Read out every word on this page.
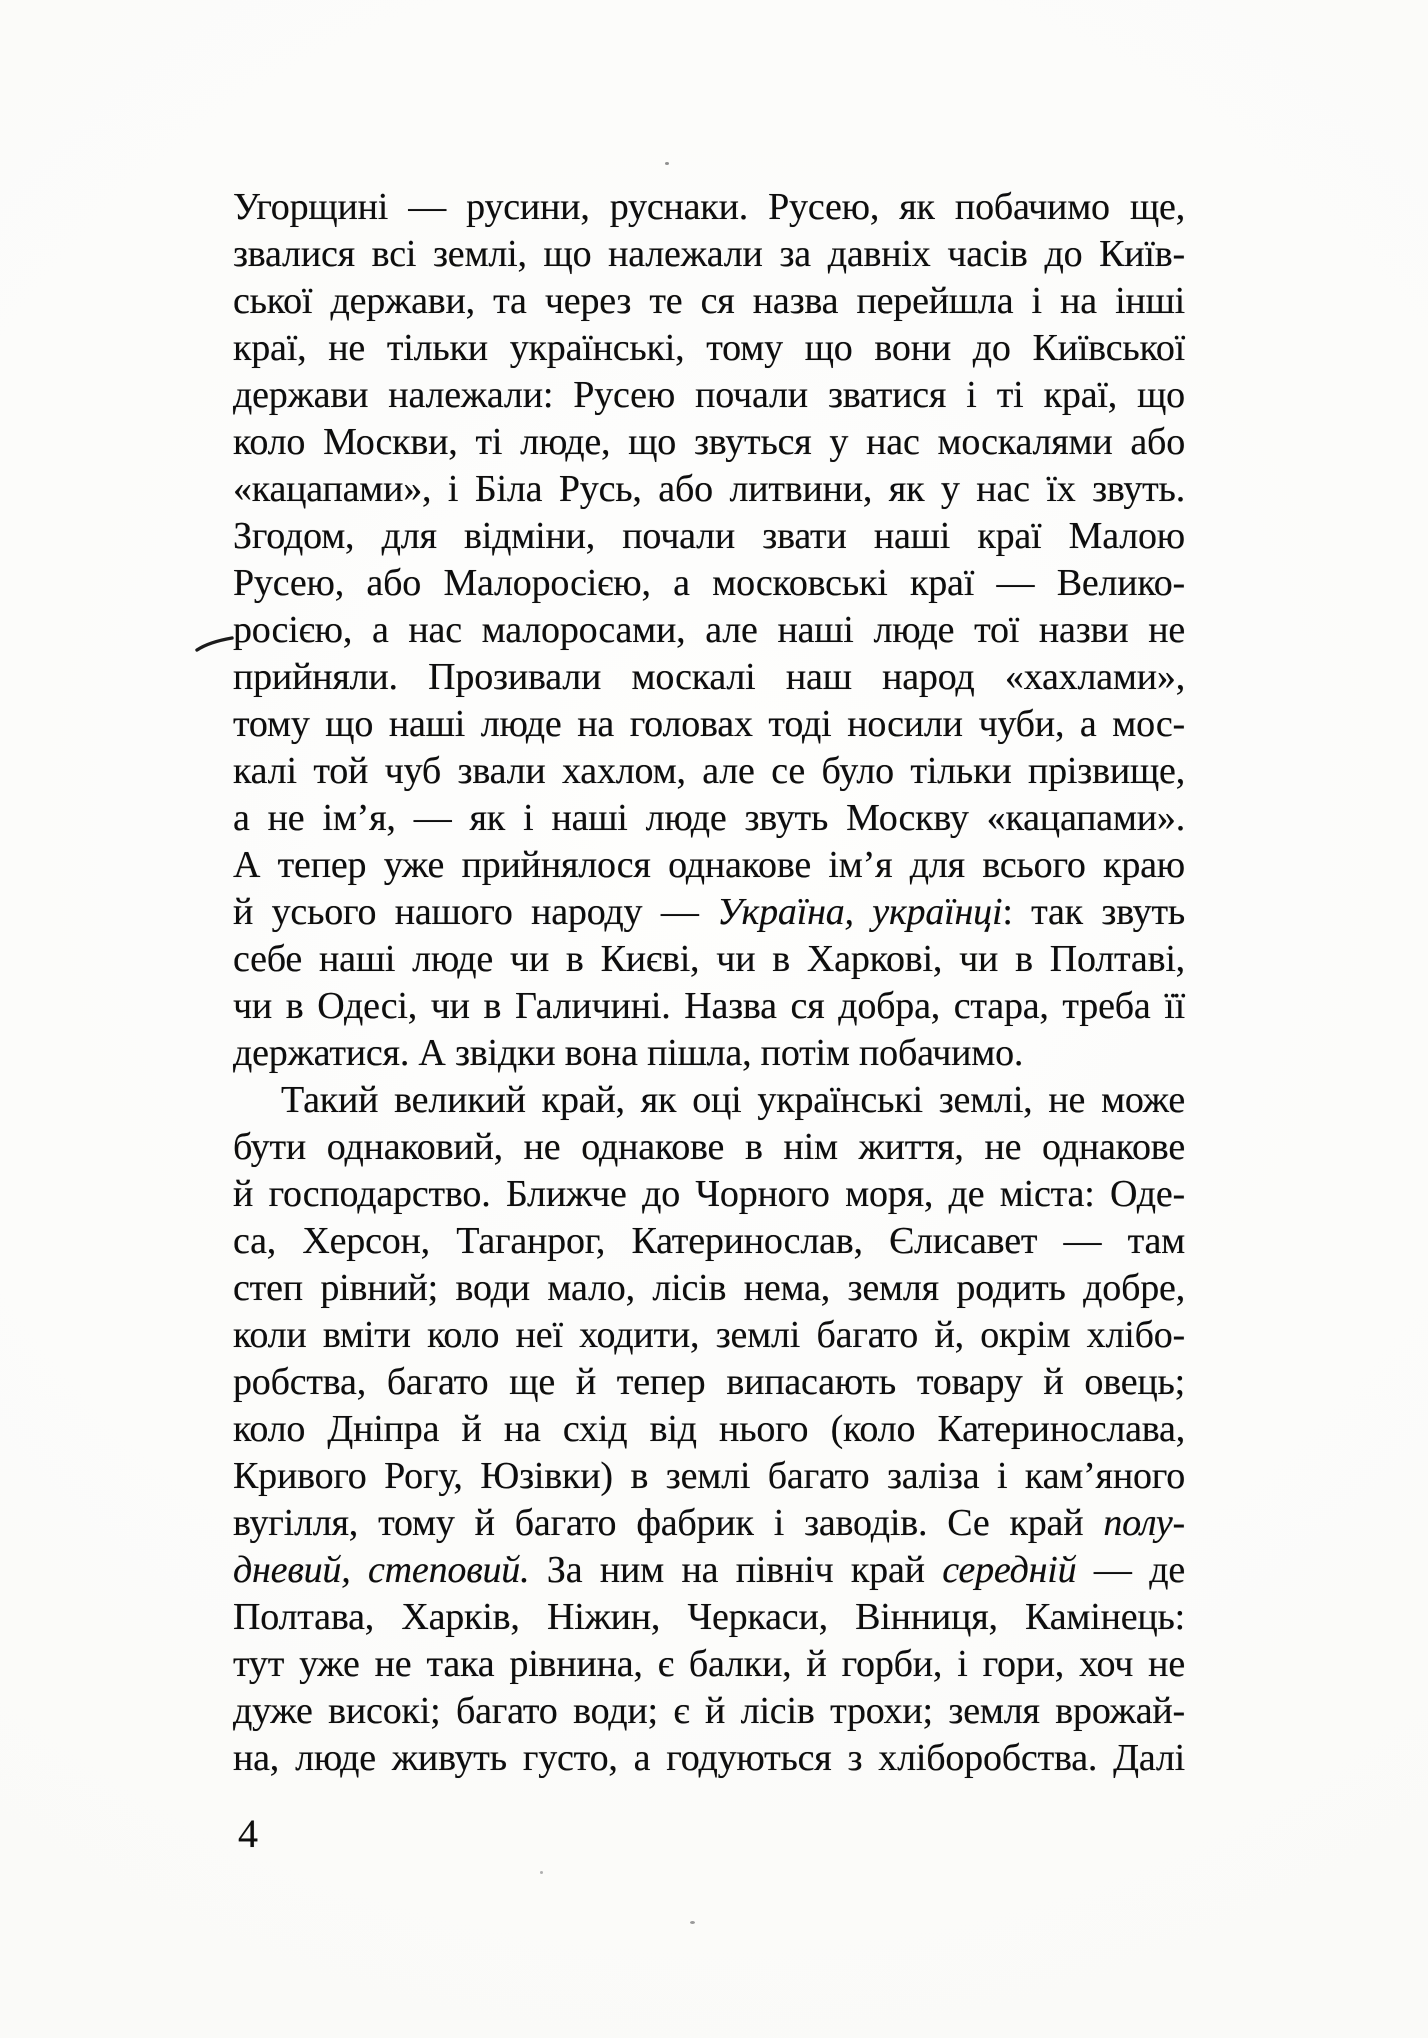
Угорщині — русини, руснаки. Русею, як побачимо ще,
звалися всі землі, що належали за давніх часів до Київ-
ської держави, та через те ся назва перейшла і на інші
краї, не тільки українські, тому що вони до Київської
держави належали: Русею почали зватися і ті краї, що
коло Москви, ті люде, що звуться у нас москалями або
«кацапами», і Біла Русь, або литвини, як у нас їх звуть.
Згодом, для відміни, почали звати наші краї Малою
Русею, або Малоросією, а московські краї — Велико-
росією, а нас малоросами, але наші люде тої назви не
прийняли. Прозивали москалі наш народ «хахлами»,
тому що наші люде на головах тоді носили чуби, а мос-
калі той чуб звали хахлом, але се було тільки прізвище,
а не ім’я, — як і наші люде звуть Москву «кацапами».
А тепер уже прийнялося однакове ім’я для всього краю
й усього нашого народу — Україна, українці: так звуть
себе наші люде чи в Києві, чи в Харкові, чи в Полтаві,
чи в Одесі, чи в Галичині. Назва ся добра, стара, треба її
держатися. А звідки вона пішла, потім побачимо.
Такий великий край, як оці українські землі, не може
бути однаковий, не однакове в нім життя, не однакове
й господарство. Ближче до Чорного моря, де міста: Оде-
са, Херсон, Таганрог, Катеринослав, Єлисавет — там
степ рівний; води мало, лісів нема, земля родить добре,
коли вміти коло неї ходити, землі багато й, окрім хлібо-
робства, багато ще й тепер випасають товару й овець;
коло Дніпра й на схід від нього (коло Катеринослава,
Кривого Рогу, Юзівки) в землі багато заліза і кам’яного
вугілля, тому й багато фабрик і заводів. Се край полу-
дневий, степовий. За ним на північ край середній — де
Полтава, Харків, Ніжин, Черкаси, Вінниця, Камінець:
тут уже не така рівнина, є балки, й горби, і гори, хоч не
дуже високі; багато води; є й лісів трохи; земля врожай-
на, люде живуть густо, а годуються з хліборобства. Далі
4
